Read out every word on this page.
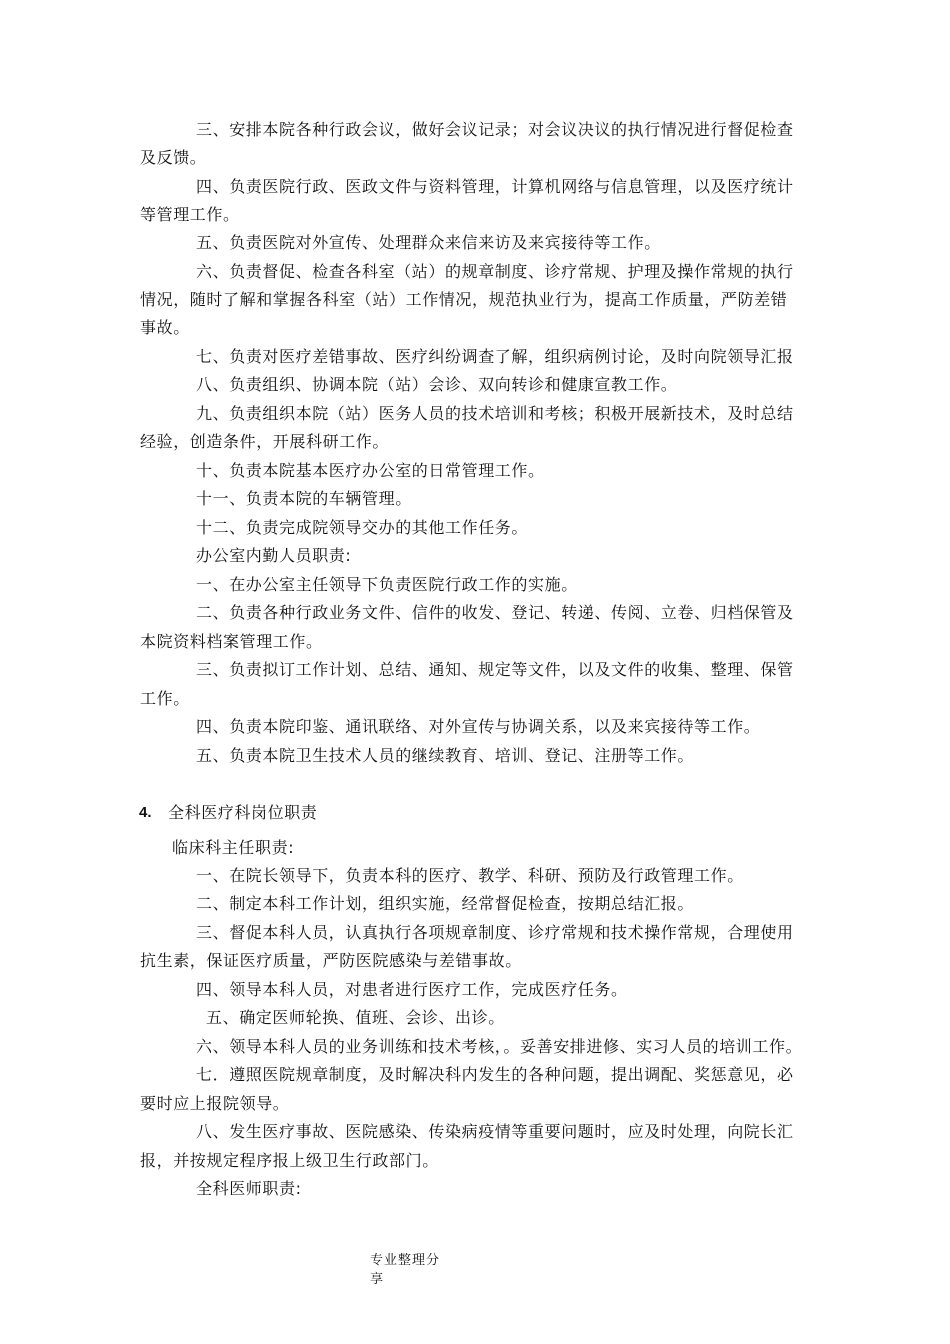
三、安排本院各种行政会议，做好会议记录；对会议决议的执行情况进行督促检查
及反馈。
四、负责医院行政、医政文件与资料管理，计算机网络与信息管理，以及医疗统计
等管理工作。
五、负责医院对外宣传、处理群众来信来访及来宾接待等工作。
六、负责督促、检查各科室（站）的规章制度、诊疗常规、护理及操作常规的执行
情况，随时了解和掌握各科室（站）工作情况，规范执业行为，提高工作质量，严防差错
事故。
七、负责对医疗差错事故、医疗纠纷调查了解，组织病例讨论，及时向院领导汇报
八、负责组织、协调本院（站）会诊、双向转诊和健康宣教工作。
九、负责组织本院（站）医务人员的技术培训和考核；积极开展新技术，及时总结
经验，创造条件，开展科研工作。
十、负责本院基本医疗办公室的日常管理工作。
十一、负责本院的车辆管理。
十二、负责完成院领导交办的其他工作任务。
办公室内勤人员职责:
一、在办公室主任领导下负责医院行政工作的实施。
二、负责各种行政业务文件、信件的收发、登记、转递、传阅、立卷、归档保管及
本院资料档案管理工作。
三、负责拟订工作计划、总结、通知、规定等文件，以及文件的收集、整理、保管
工作。
四、负责本院印鉴、通讯联络、对外宣传与协调关系，以及来宾接待等工作。
五、负责本院卫生技术人员的继续教育、培训、登记、注册等工作。
4. 全科医疗科岗位职责
临床科主任职责:
一、在院长领导下，负责本科的医疗、教学、科研、预防及行政管理工作。
二、制定本科工作计划，组织实施，经常督促检查，按期总结汇报。
三、督促本科人员，认真执行各项规章制度、诊疗常规和技术操作常规，合理使用
抗生素，保证医疗质量，严防医院感染与差错事故。
四、领导本科人员，对患者进行医疗工作，完成医疗任务。
五、确定医师轮换、值班、会诊、出诊。
六、领导本科人员的业务训练和技术考核，。妥善安排进修、实习人员的培训工作。
七．遵照医院规章制度，及时解决科内发生的各种问题，提出调配、奖惩意见，必
要时应上报院领导。
八、发生医疗事故、医院感染、传染病疫情等重要问题时，应及时处理，向院长汇
报，并按规定程序报上级卫生行政部门。
全科医师职责:
专业整理分
享
